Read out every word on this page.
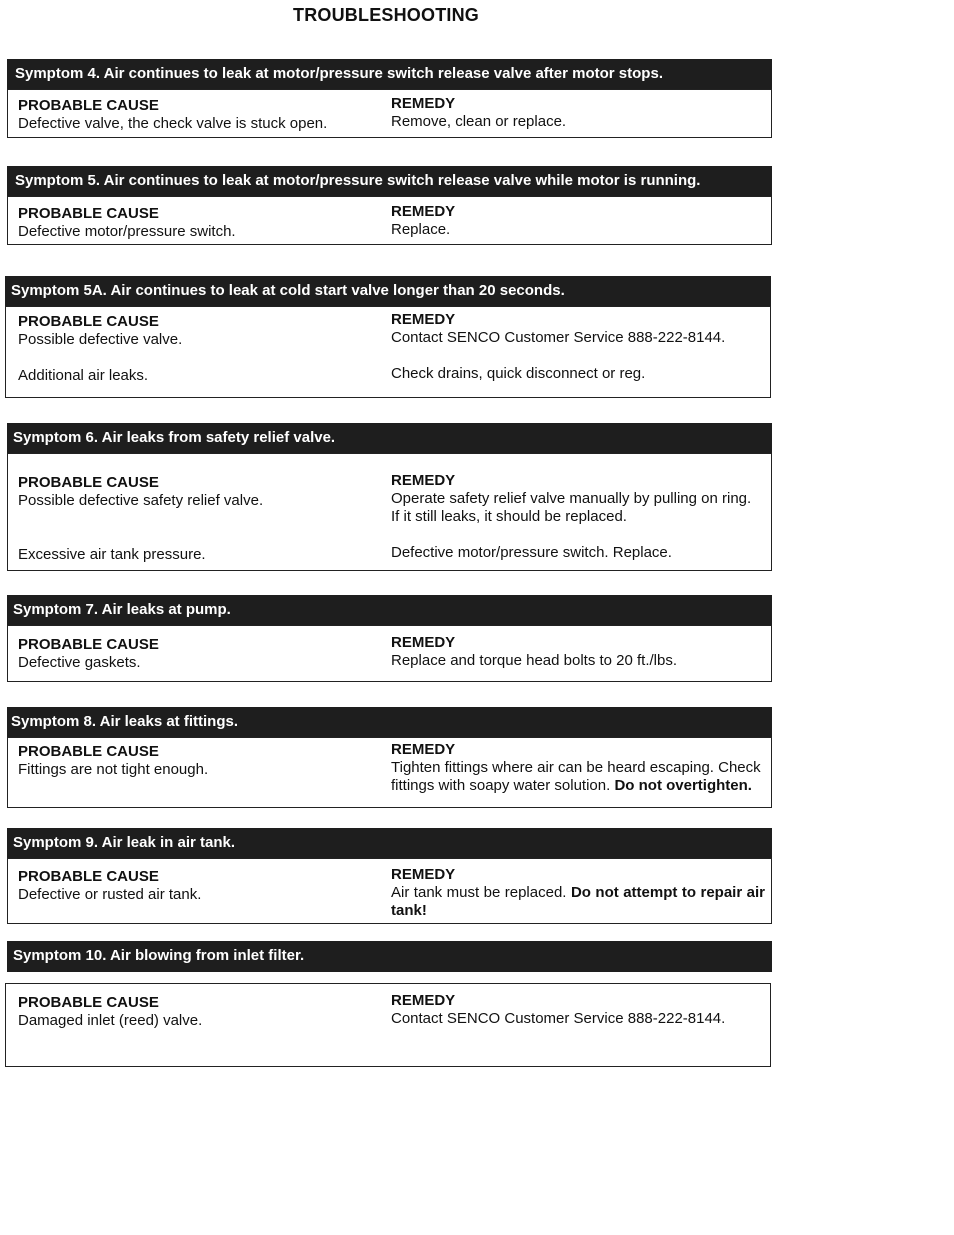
TROUBLESHOOTING
Symptom 4. Air continues to leak at motor/pressure switch release valve after motor stops.
PROBABLE CAUSE
Defective valve, the check valve is stuck open.
REMEDY
Remove, clean or replace.
Symptom 5. Air continues to leak at motor/pressure switch release valve while motor is running.
PROBABLE CAUSE
Defective motor/pressure switch.
REMEDY
Replace.
Symptom 5A. Air continues to leak at cold start valve longer than 20 seconds.
PROBABLE CAUSE
Possible defective valve.
Additional air leaks.
REMEDY
Contact SENCO Customer Service 888-222-8144.
Check drains, quick disconnect or reg.
Symptom 6. Air leaks from safety relief valve.
PROBABLE CAUSE
Possible defective safety relief valve.
Excessive air tank pressure.
REMEDY
Operate safety relief valve manually by pulling on ring.
If it still leaks, it should be replaced.
Defective motor/pressure switch. Replace.
Symptom 7. Air leaks at pump.
PROBABLE CAUSE
Defective gaskets.
REMEDY
Replace and torque head bolts to 20 ft./lbs.
Symptom 8. Air leaks at fittings.
PROBABLE CAUSE
Fittings are not tight enough.
REMEDY
Tighten fittings where air can be heard escaping. Check
fittings with soapy water solution. Do not overtighten.
Symptom 9. Air leak in air tank.
PROBABLE CAUSE
Defective or rusted air tank.
REMEDY
Air tank must be replaced. Do not attempt to repair air tank!
Symptom 10. Air blowing from inlet filter.
PROBABLE CAUSE
Damaged inlet (reed) valve.
REMEDY
Contact SENCO Customer Service 888-222-8144.
